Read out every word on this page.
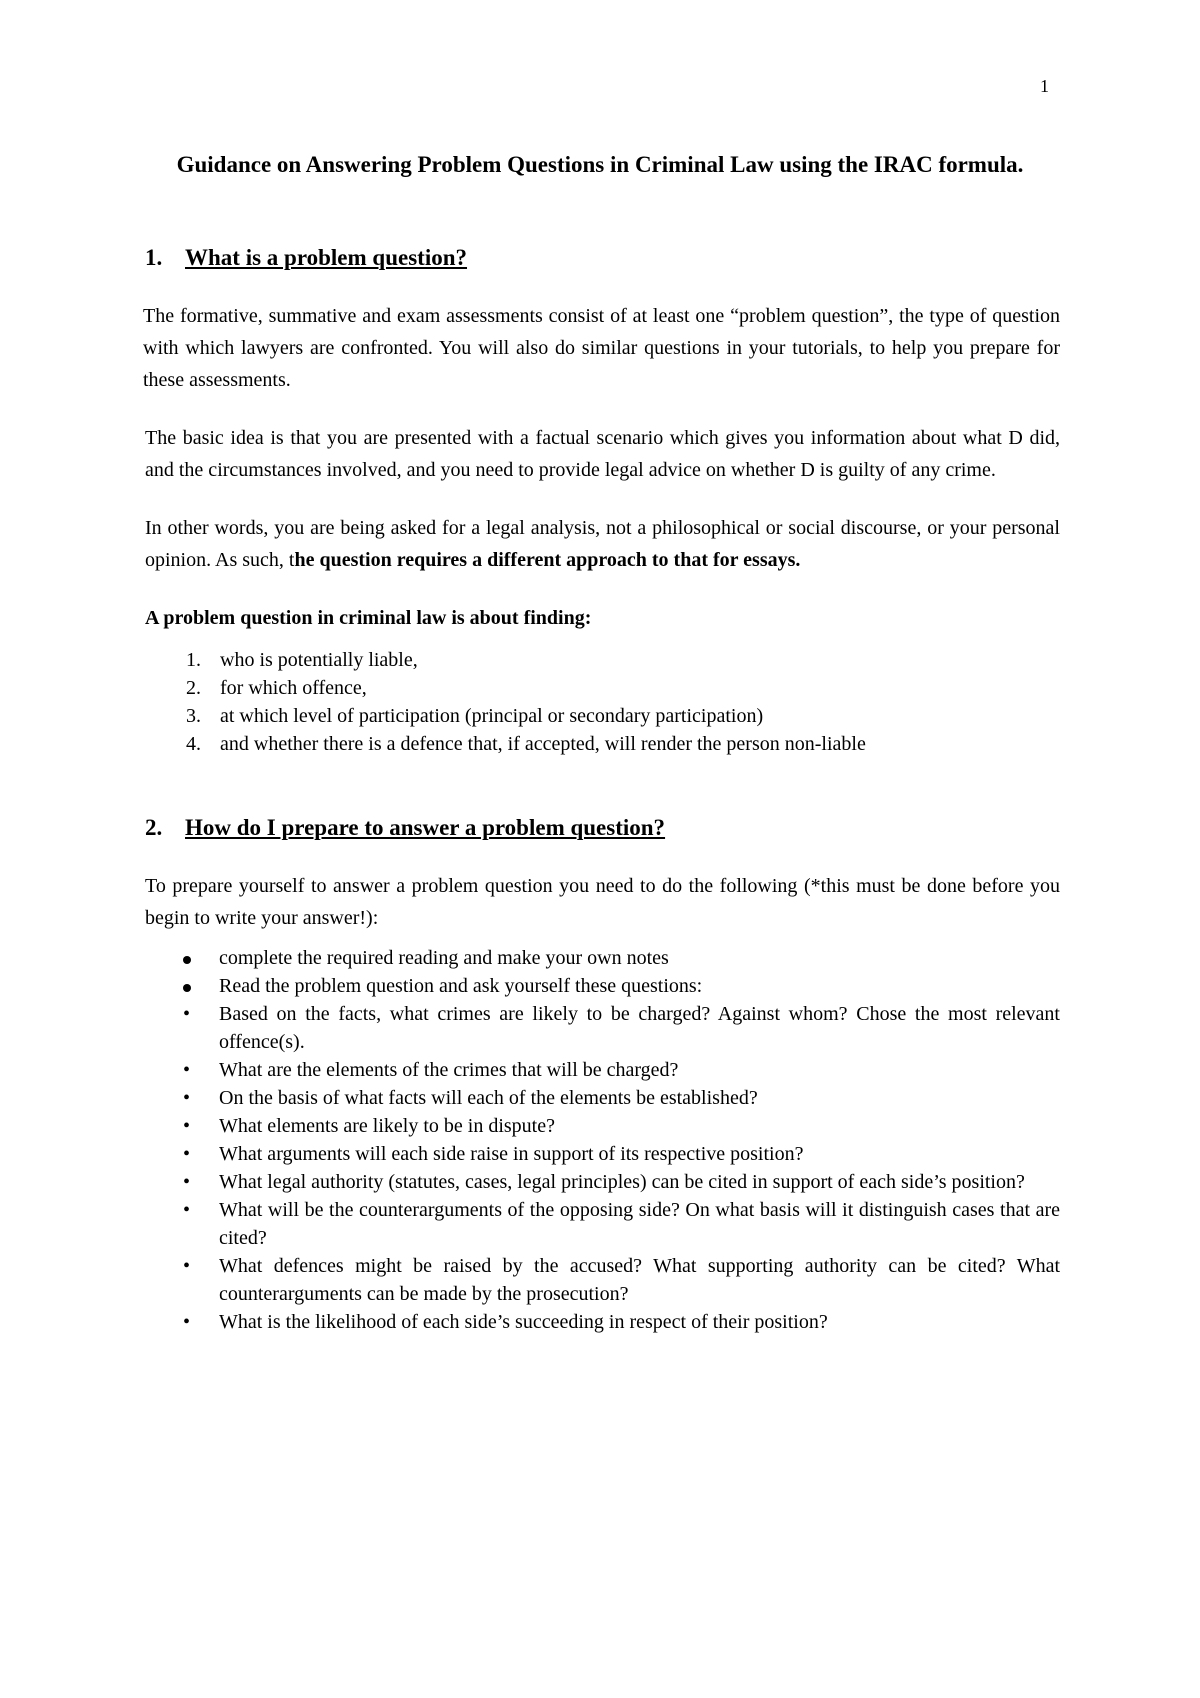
1
Guidance on Answering Problem Questions in Criminal Law using the IRAC formula.
1. What is a problem question?

The formative, summative and exam assessments consist of at least one “problem question”, the type of question with which lawyers are confronted. You will also do similar questions in your tutorials, to help you prepare for these assessments.

The basic idea is that you are presented with a factual scenario which gives you information about what D did, and the circumstances involved, and you need to provide legal advice on whether D is guilty of any crime.

In other words, you are being asked for a legal analysis, not a philosophical or social discourse, or your personal opinion. As such, the question requires a different approach to that for essays.

A problem question in criminal law is about finding:

1. who is potentially liable,
2. for which offence,
3. at which level of participation (principal or secondary participation)
4. and whether there is a defence that, if accepted, will render the person non-liable
2. How do I prepare to answer a problem question?

To prepare yourself to answer a problem question you need to do the following (*this must be done before you begin to write your answer!):

complete the required reading and make your own notes
Read the problem question and ask yourself these questions:
• Based on the facts, what crimes are likely to be charged? Against whom? Chose the most relevant offence(s).
• What are the elements of the crimes that will be charged?
• On the basis of what facts will each of the elements be established?
• What elements are likely to be in dispute?
• What arguments will each side raise in support of its respective position?
• What legal authority (statutes, cases, legal principles) can be cited in support of each side’s position?
• What will be the counterarguments of the opposing side? On what basis will it distinguish cases that are cited?
• What defences might be raised by the accused? What supporting authority can be cited? What counterarguments can be made by the prosecution?
• What is the likelihood of each side’s succeeding in respect of their position?
